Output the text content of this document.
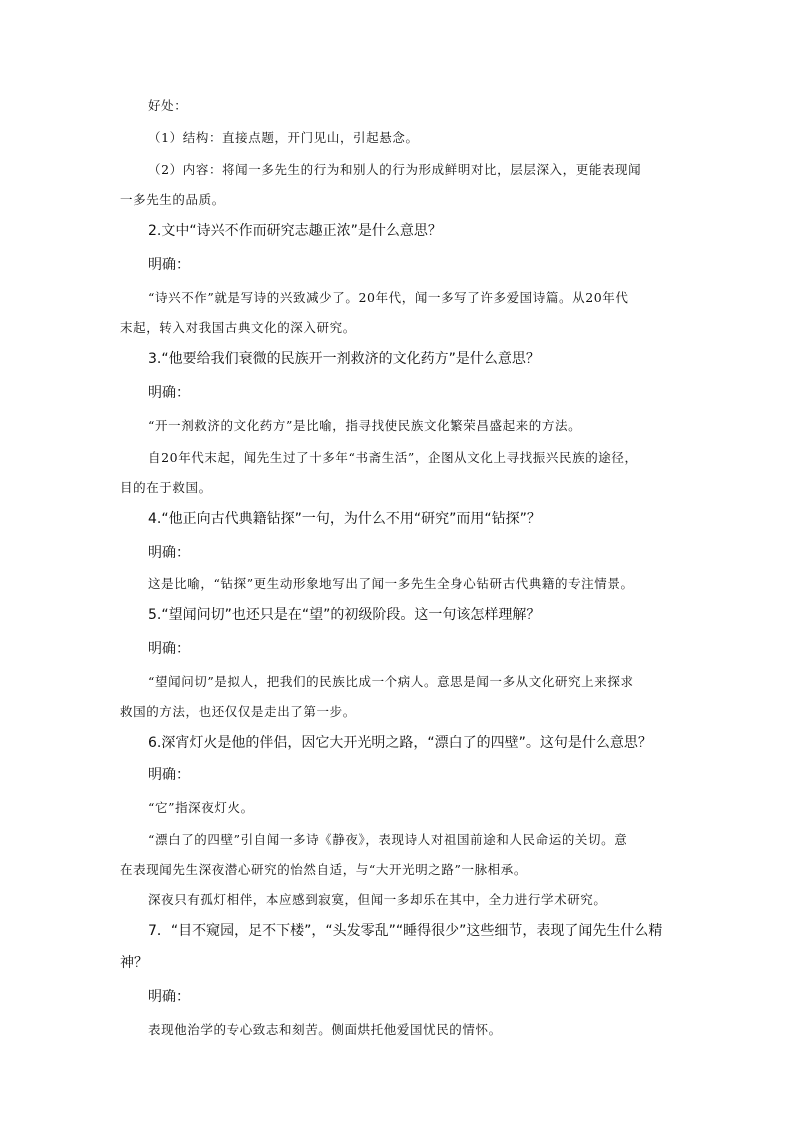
好处：

（1）结构：直接点题，开门见山，引起悬念。

（2）内容：将闻一多先生的行为和别人的行为形成鲜明对比，层层深入，更能表现闻

一多先生的品质。

2.文中“诗兴不作而研究志趣正浓”是什么意思？

明确：

“诗兴不作”就是写诗的兴致减少了。20年代，闻一多写了许多爱国诗篇。从20年代

末起，转入对我国古典文化的深入研究。

3.“他要给我们衰微的民族开一剂救济的文化药方”是什么意思？

明确：

“开一剂救济的文化药方”是比喻，指寻找使民族文化繁荣昌盛起来的方法。

自20年代末起，闻先生过了十多年“书斋生活”，企图从文化上寻找振兴民族的途径，

目的在于救国。

4.“他正向古代典籍钻探”一句，为什么不用“研究”而用“钻探”？

明确：

这是比喻，“钻探”更生动形象地写出了闻一多先生全身心钻研古代典籍的专注情景。

5.“望闻问切”也还只是在“望”的初级阶段。这一句该怎样理解？

明确：

“望闻问切”是拟人，把我们的民族比成一个病人。意思是闻一多从文化研究上来探求

救国的方法，也还仅仅是走出了第一步。

6.深宵灯火是他的伴侣，因它大开光明之路，“漂白了的四壁”。这句是什么意思？

明确：

“它”指深夜灯火。

“漂白了的四壁”引自闻一多诗《静夜》，表现诗人对祖国前途和人民命运的关切。意

在表现闻先生深夜潜心研究的怡然自适，与“大开光明之路”一脉相承。

深夜只有孤灯相伴，本应感到寂寞，但闻一多却乐在其中，全力进行学术研究。

7．“目不窥园，足不下楼”，“头发零乱”“睡得很少”这些细节，表现了闻先生什么精

神？

明确：

表现他治学的专心致志和刻苦。侧面烘托他爱国忧民的情怀。
